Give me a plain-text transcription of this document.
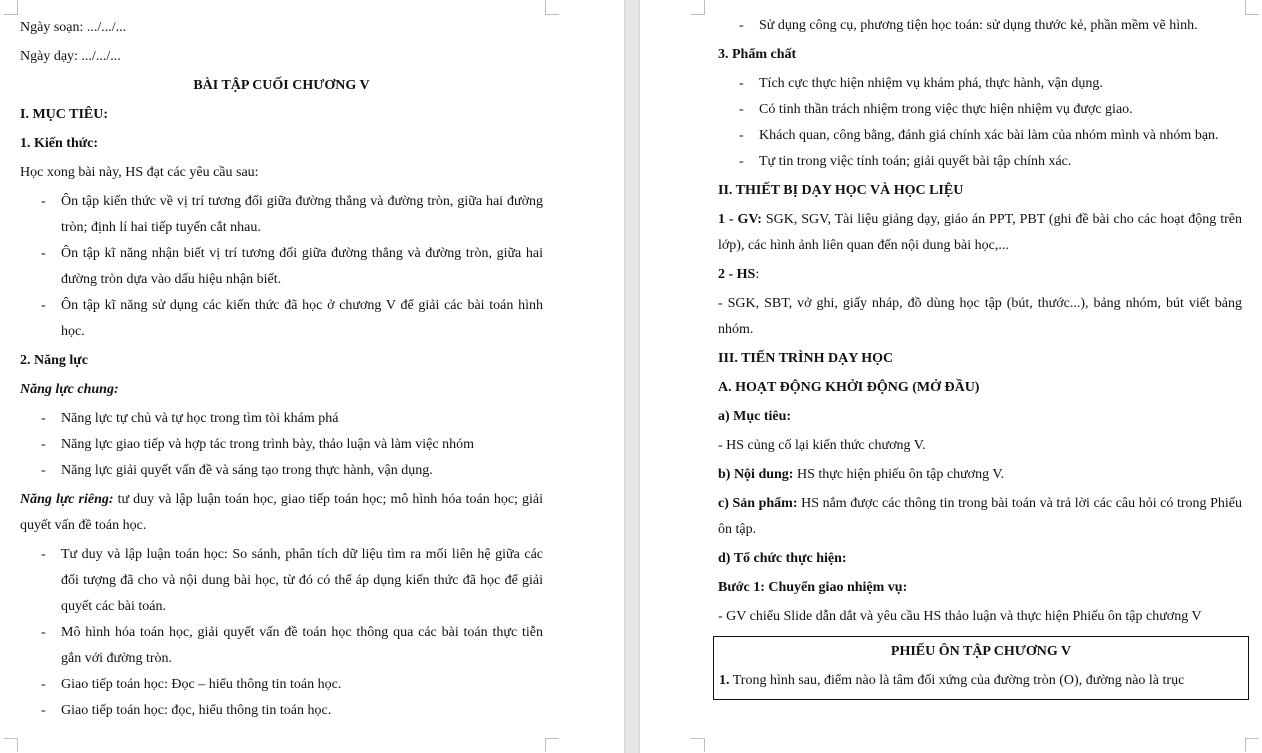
Ngày soạn: .../.../...

Ngày dạy: .../.../...

BÀI TẬP CUỐI CHƯƠNG V

I. MỤC TIÊU:

1. Kiến thức:

Học xong bài này, HS đạt các yêu cầu sau:

- Ôn tập kiến thức về vị trí tương đối giữa đường thẳng và đường tròn, giữa hai đường tròn; định lí hai tiếp tuyến cắt nhau.

- Ôn tập kĩ năng nhận biết vị trí tương đối giữa đường thẳng và đường tròn, giữa hai đường tròn dựa vào dấu hiệu nhận biết.

- Ôn tập kĩ năng sử dụng các kiến thức đã học ở chương V để giải các bài toán hình học.

2. Năng lực

Năng lực chung:

- Năng lực tự chủ và tự học trong tìm tòi khám phá

- Năng lực giao tiếp và hợp tác trong trình bày, thảo luận và làm việc nhóm

- Năng lực giải quyết vấn đề và sáng tạo trong thực hành, vận dụng.

Năng lực riêng: tư duy và lập luận toán học, giao tiếp toán học; mô hình hóa toán học; giải quyết vấn đề toán học.

- Tư duy và lập luận toán học: So sánh, phân tích dữ liệu tìm ra mối liên hệ giữa các đối tượng đã cho và nội dung bài học, từ đó có thể áp dụng kiến thức đã học để giải quyết các bài toán.

- Mô hình hóa toán học, giải quyết vấn đề toán học thông qua các bài toán thực tiễn gắn với đường tròn.

- Giao tiếp toán học: Đọc – hiểu thông tin toán học.

- Giao tiếp toán học: đọc, hiểu thông tin toán học.

- Sử dụng công cụ, phương tiện học toán: sử dụng thước kẻ, phần mềm vẽ hình.

3. Phẩm chất

- Tích cực thực hiện nhiệm vụ khám phá, thực hành, vận dụng.

- Có tinh thần trách nhiệm trong việc thực hiện nhiệm vụ được giao.

- Khách quan, công bằng, đánh giá chính xác bài làm của nhóm mình và nhóm bạn.

- Tự tin trong việc tính toán; giải quyết bài tập chính xác.

II. THIẾT BỊ DẠY HỌC VÀ HỌC LIỆU

1 - GV: SGK, SGV, Tài liệu giảng dạy, giáo án PPT, PBT (ghi đề bài cho các hoạt động trên lớp), các hình ảnh liên quan đến nội dung bài học,...

2 - HS:

- SGK, SBT, vở ghi, giấy nháp, đồ dùng học tập (bút, thước...), bảng nhóm, bút viết bảng nhóm.

III. TIẾN TRÌNH DẠY HỌC

A. HOẠT ĐỘNG KHỞI ĐỘNG (MỞ ĐẦU)

a) Mục tiêu:

- HS củng cố lại kiến thức chương V.

b) Nội dung: HS thực hiện phiếu ôn tập chương V.

c) Sản phẩm: HS nắm được các thông tin trong bài toán và trả lời các câu hỏi có trong Phiếu ôn tập.

d) Tổ chức thực hiện:

Bước 1: Chuyển giao nhiệm vụ:

- GV chiếu Slide dẫn dắt và yêu cầu HS thảo luận và thực hiện Phiếu ôn tập chương V

PHIẾU ÔN TẬP CHƯƠNG V

1. Trong hình sau, điểm nào là tâm đối xứng của đường tròn (O), đường nào là trục
